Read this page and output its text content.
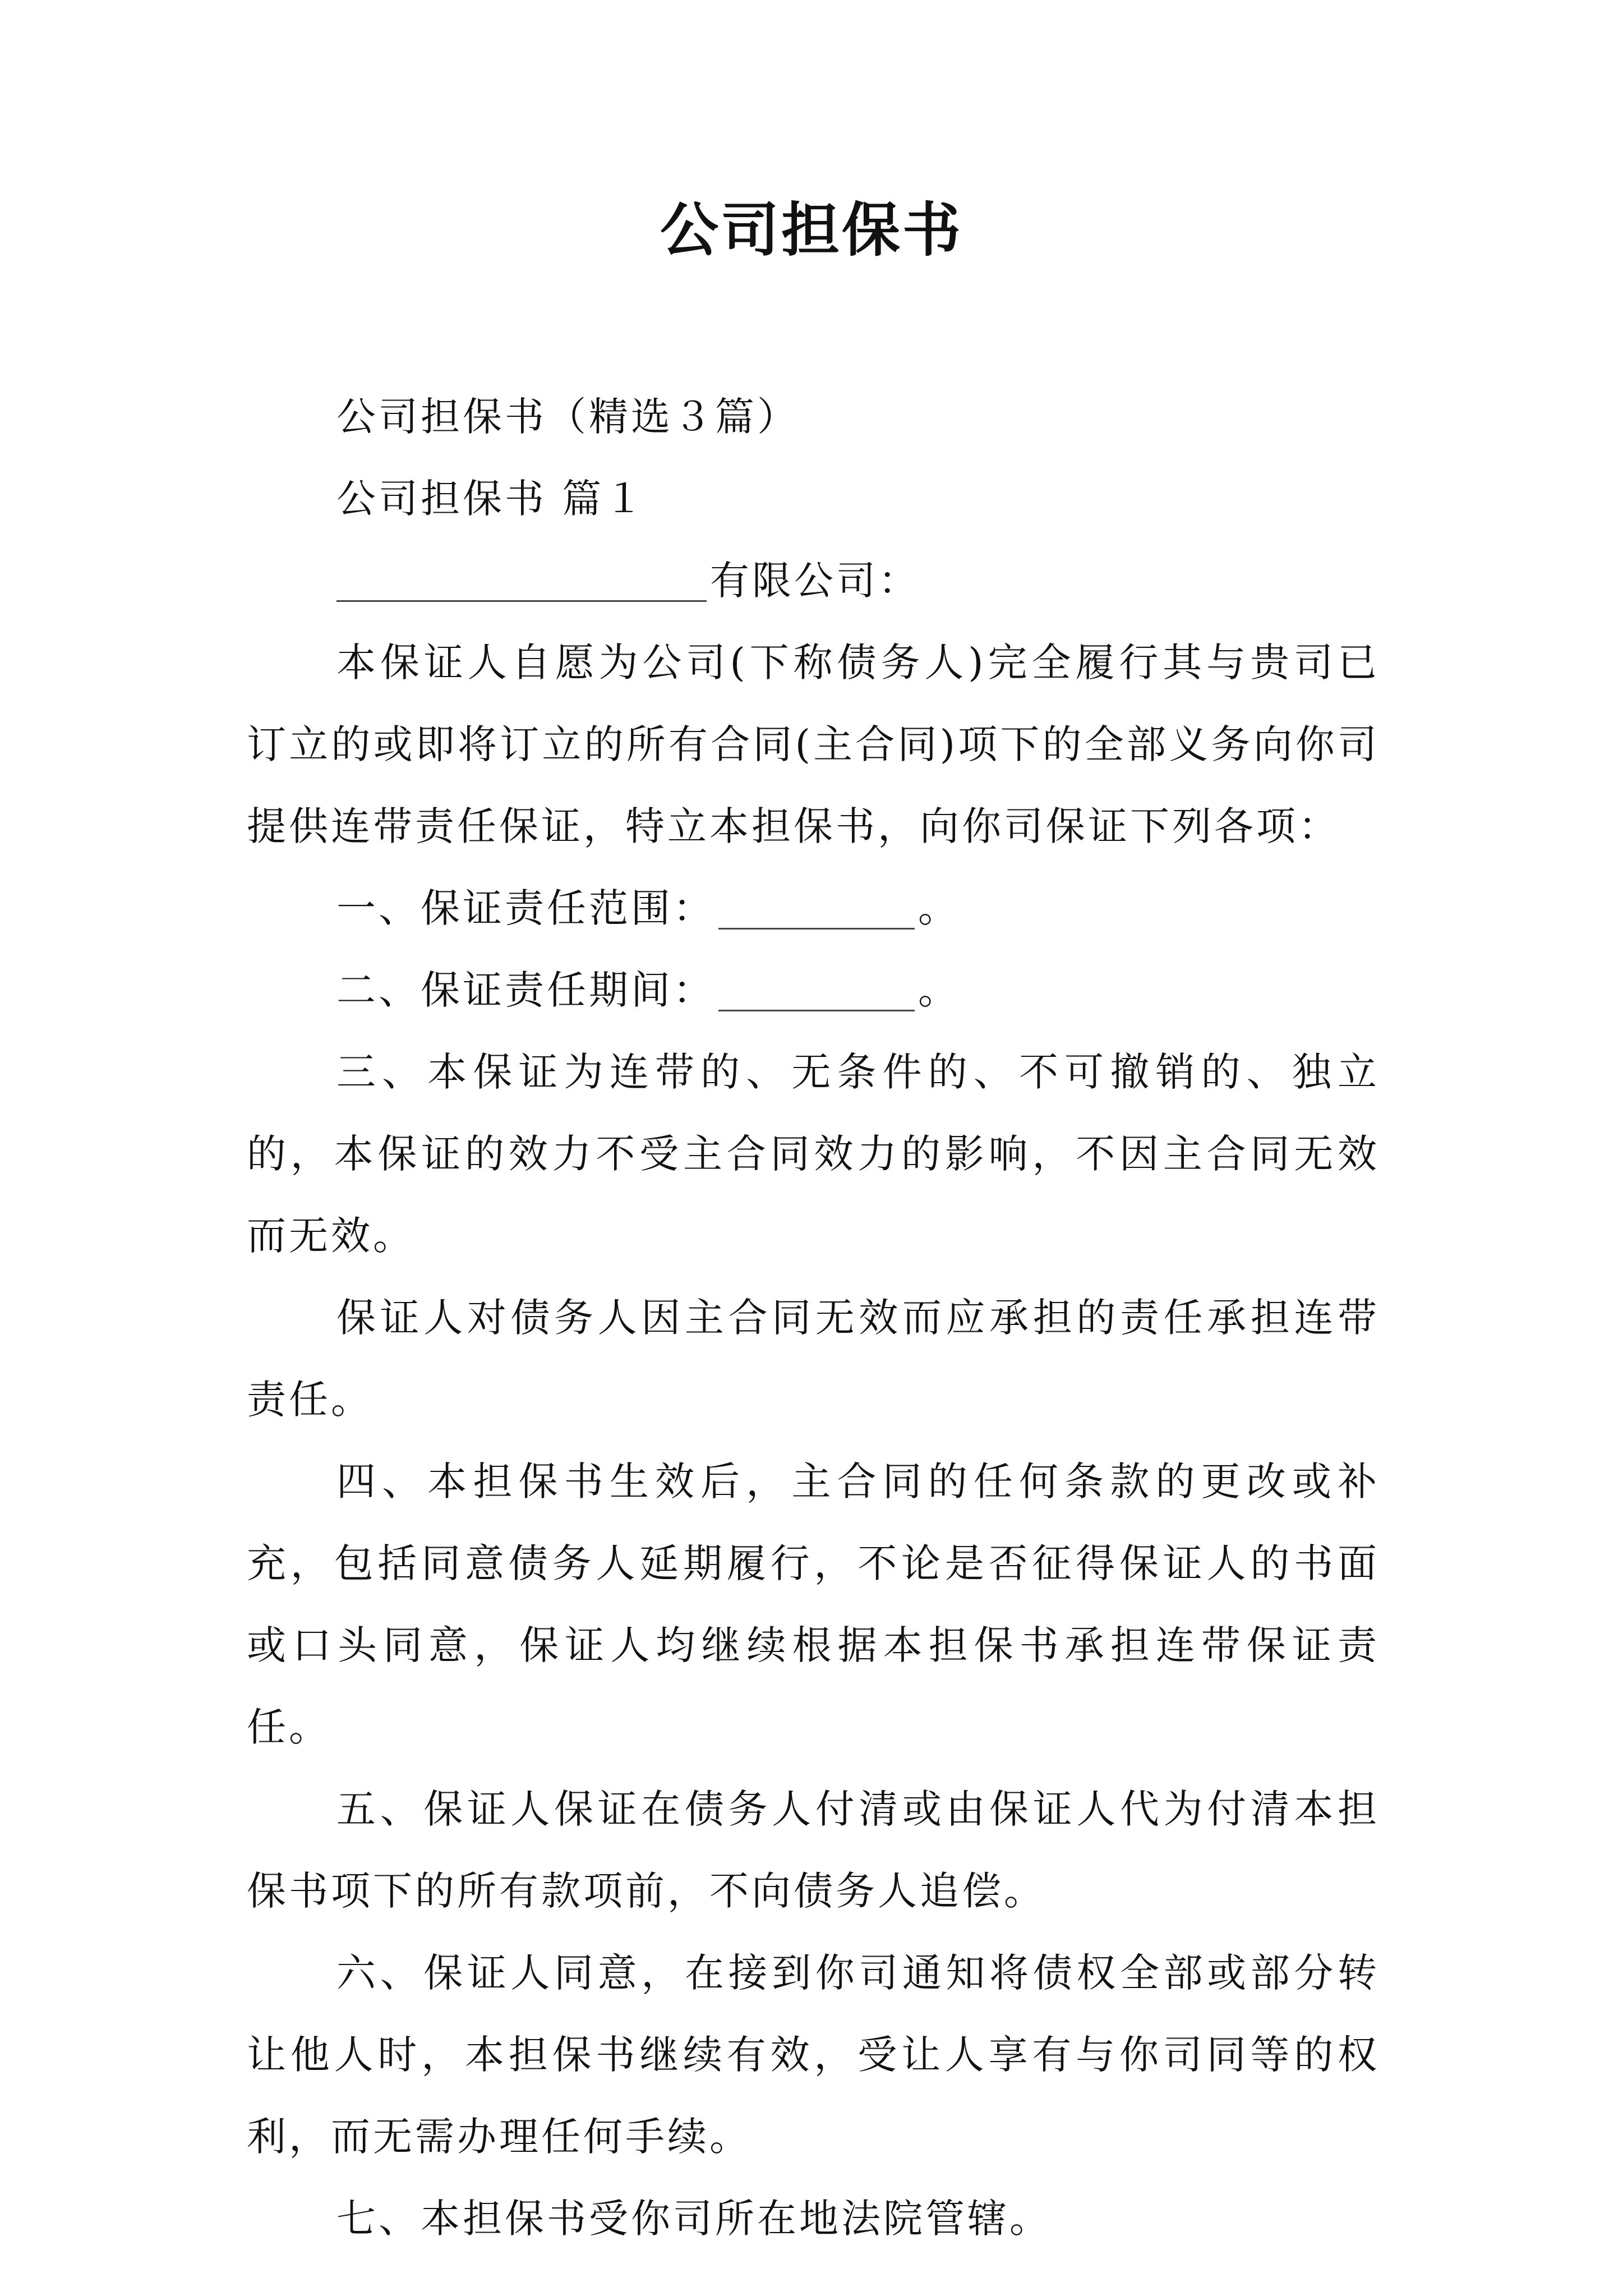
公司担保书

公司担保书（精选３篇）

公司担保书 篇１

有限公司：

本保证人自愿为公司(下称债务人)完全履行其与贵司已订立的或即将订立的所有合同(主合同)项下的全部义务向你司提供连带责任保证，特立本担保书，向你司保证下列各项：

一、保证责任范围：	。

二、保证责任期间：	。

三、本保证为连带的、无条件的、不可撤销的、独立的，本保证的效力不受主合同效力的影响，不因主合同无效而无效。

保证人对债务人因主合同无效而应承担的责任承担连带责任。

四、本担保书生效后，主合同的任何条款的更改或补充，包括同意债务人延期履行，不论是否征得保证人的书面或口头同意，保证人均继续根据本担保书承担连带保证责任。

五、保证人保证在债务人付清或由保证人代为付清本担保书项下的所有款项前，不向债务人追偿。

六、保证人同意，在接到你司通知将债权全部或部分转让他人时，本担保书继续有效，受让人享有与你司同等的权利，而无需办理任何手续。

七、本担保书受你司所在地法院管辖。
